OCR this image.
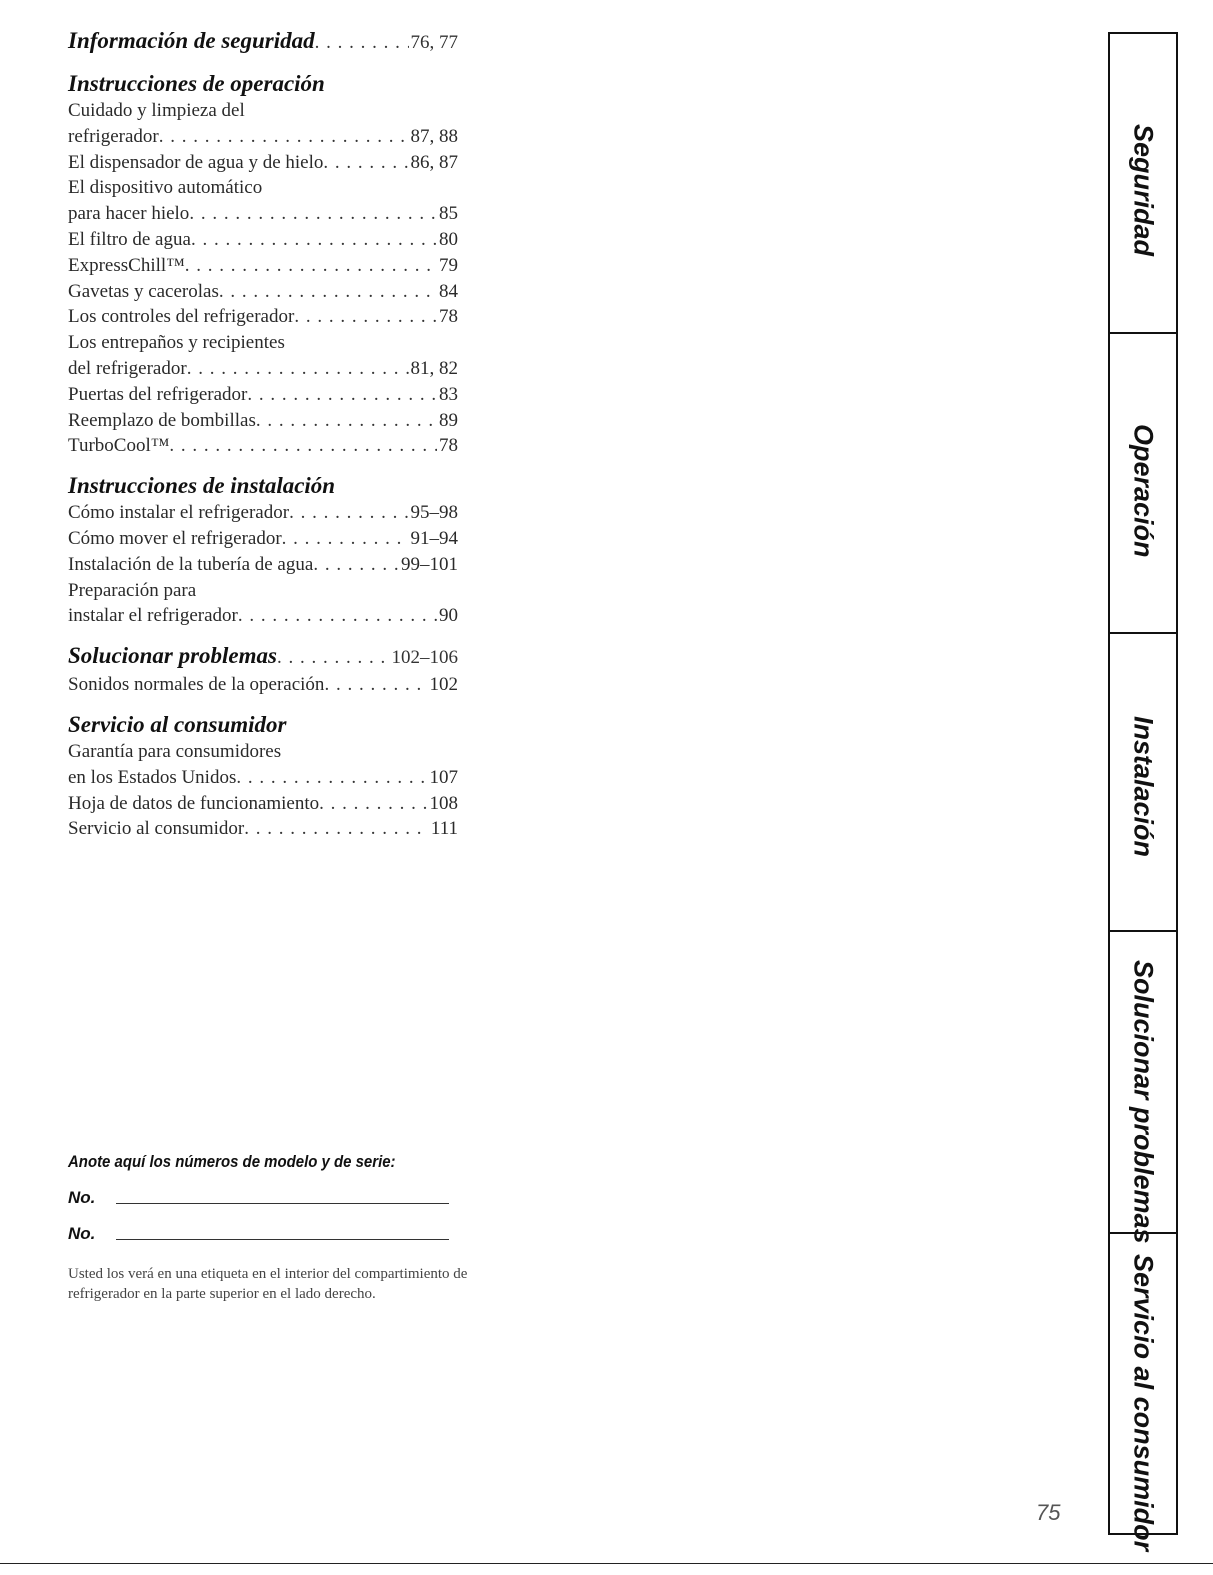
Información de seguridad . . .	76, 77
Instrucciones de operación
Cuidado y limpieza del
refrigerador . . .	87, 88
El dispensador de agua y de hielo . . .	86, 87
El dispositivo automático
para hacer hielo . . .	85
El filtro de agua . . .	80
ExpressChill™ . . .	79
Gavetas y cacerolas . . .	84
Los controles del refrigerador . . .	78
Los entrepaños y recipientes
del refrigerador . . .	81, 82
Puertas del refrigerador . . .	83
Reemplazo de bombillas . . .	89
TurboCool™ . . .	78
Instrucciones de instalación
Cómo instalar el refrigerador . . .	95–98
Cómo mover el refrigerador . . .	91–94
Instalación de la tubería de agua . . .	99–101
Preparación para
instalar el refrigerador . . .	90
Solucionar problemas . . .	102–106
Sonidos normales de la operación . . .	102
Servicio al consumidor
Garantía para consumidores
en los Estados Unidos . . .	107
Hoja de datos de funcionamiento . . .	108
Servicio al consumidor . . .	111
Anote aquí los números de modelo y de serie:
No.
No.
Usted los verá en una etiqueta en el interior del compartimiento de refrigerador en la parte superior en el lado derecho.
75
Seguridad
Operación
Instalación
Solucionar problemas
Servicio al consumidor
